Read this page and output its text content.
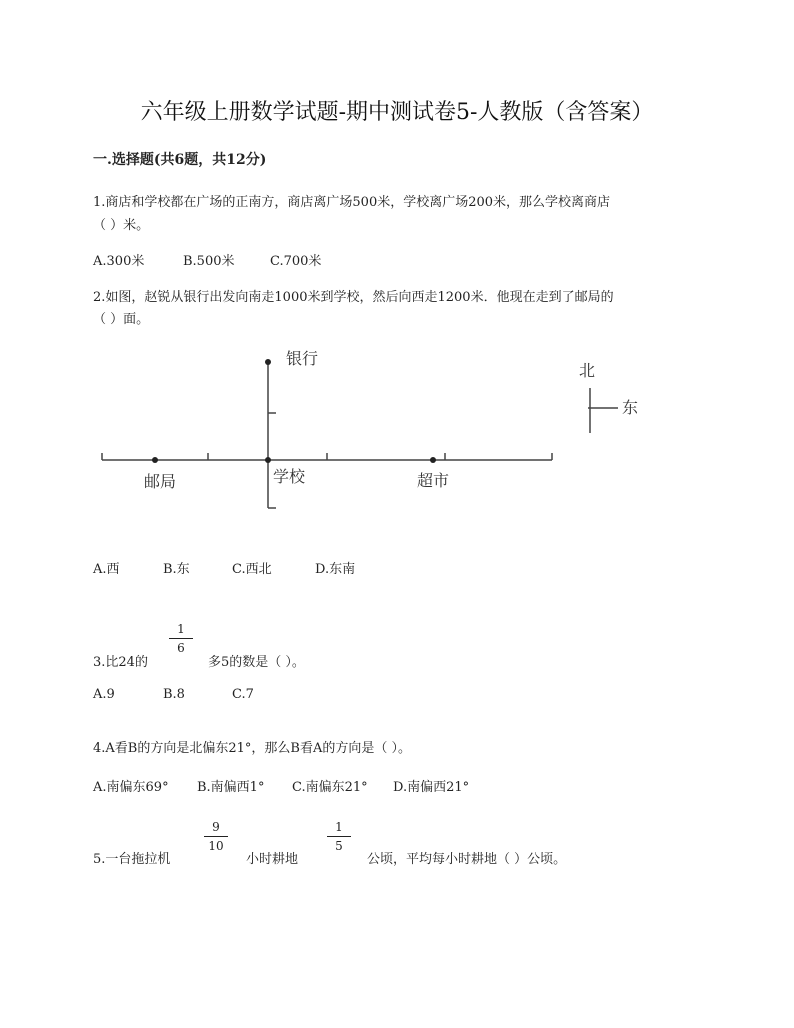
六年级上册数学试题-期中测试卷5-人教版（含答案）
一.选择题(共6题，共12分)
1.商店和学校都在广场的正南方，商店离广场500米，学校离广场200米，那么学校离商店
（ ）米。
A.300米	B.500米	C.700米
2.如图，赵锐从银行出发向南走1000米到学校，然后向西走1200米．他现在走到了邮局的
（ ）面。
银行
邮局	学校	超市
北
东
A.西	B.东	C.西北	D.东南
3.比24的
1
6
多5的数是（ ）。
A.9	B.8	C.7
4.A看B的方向是北偏东21°，那么B看A的方向是（ ）。
A.南偏东69° B.南偏西1° C.南偏东21° D.南偏西21°
5.一台拖拉机
9
10
小时耕地
1
5
公顷，平均每小时耕地（ ）公顷。
